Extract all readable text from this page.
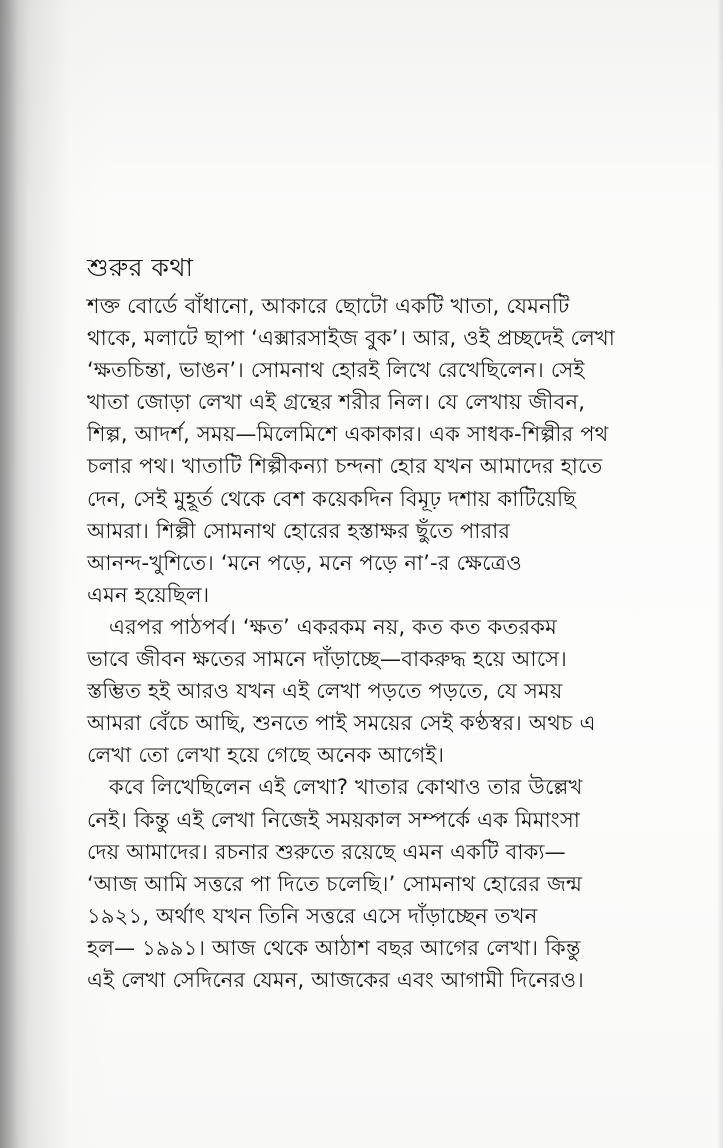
শুরুর কথা
শক্ত বোর্ডে বাঁধানো, আকারে ছোটো একটি খাতা, যেমনটি
থাকে, মলাটে ছাপা ‘এক্সারসাইজ বুক’। আর, ওই প্রচ্ছদেই লেখা
‘ক্ষতচিন্তা, ভাঙন’। সোমনাথ হোরই লিখে রেখেছিলেন। সেই
খাতা জোড়া লেখা এই গ্রন্থের শরীর নিল। যে লেখায় জীবন,
শিল্প, আদর্শ, সময়—মিলেমিশে একাকার। এক সাধক-শিল্পীর পথ
চলার পথ। খাতাটি শিল্পীকন্যা চন্দনা হোর যখন আমাদের হাতে
দেন, সেই মুহূর্ত থেকে বেশ কয়েকদিন বিমূঢ় দশায় কাটিয়েছি
আমরা। শিল্পী সোমনাথ হোরের হস্তাক্ষর ছুঁতে পারার
আনন্দ-খুশিতে। ‘মনে পড়ে, মনে পড়ে না’-র ক্ষেত্রেও
এমন হয়েছিল।
এরপর পাঠপর্ব। ‘ক্ষত’ একরকম নয়, কত কত কতরকম
ভাবে জীবন ক্ষতের সামনে দাঁড়াচ্ছে—বাকরুদ্ধ হয়ে আসে।
স্তম্ভিত হই আরও যখন এই লেখা পড়তে পড়তে, যে সময়
আমরা বেঁচে আছি, শুনতে পাই সময়ের সেই কণ্ঠস্বর। অথচ এ
লেখা তো লেখা হয়ে গেছে অনেক আগেই।
কবে লিখেছিলেন এই লেখা? খাতার কোথাও তার উল্লেখ
নেই। কিন্তু এই লেখা নিজেই সময়কাল সম্পর্কে এক মিমাংসা
দেয় আমাদের। রচনার শুরুতে রয়েছে এমন একটি বাক্য—
‘আজ আমি সত্তরে পা দিতে চলেছি।’ সোমনাথ হোরের জন্ম
১৯২১, অর্থাৎ যখন তিনি সত্তরে এসে দাঁড়াচ্ছেন তখন
হল— ১৯৯১। আজ থেকে আঠাশ বছর আগের লেখা। কিন্তু
এই লেখা সেদিনের যেমন, আজকের এবং আগামী দিনেরও।
